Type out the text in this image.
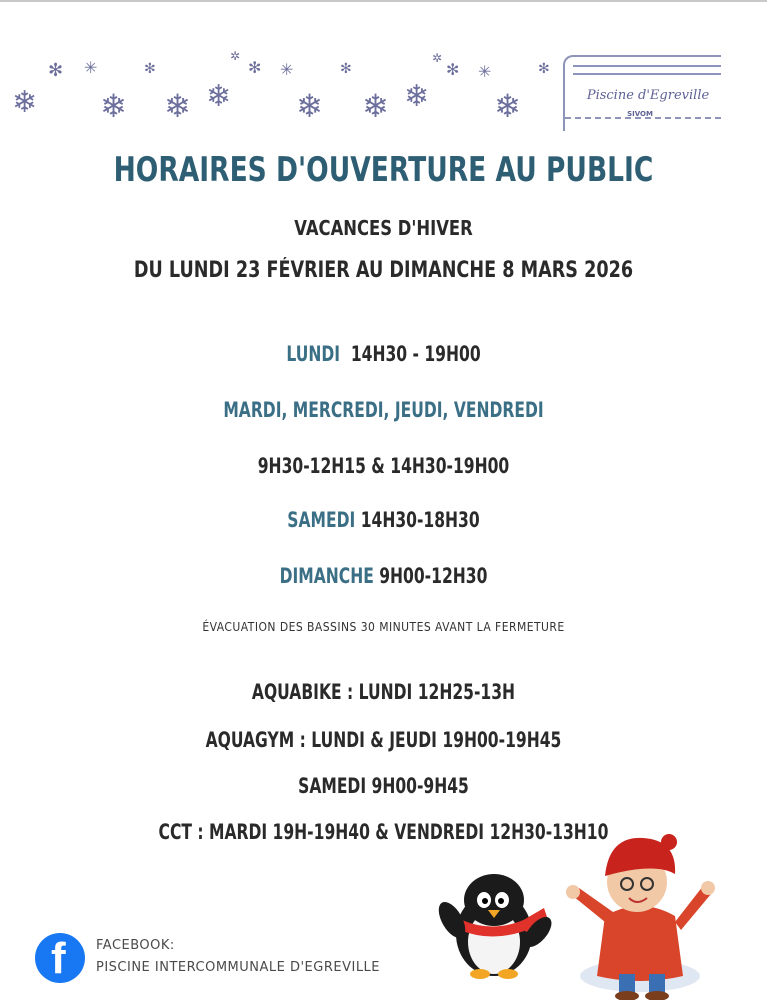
❄
✻ ✳
❄
✻
❄ ❄
✲
✻ ✳
❄
✻
❄ ❄
✲
✻ ✳
❄
✻
Piscine d'Egreville
SIVOM
HORAIRES D'OUVERTURE AU PUBLIC
VACANCES D'HIVER
DU LUNDI 23 FÉVRIER AU DIMANCHE 8 MARS 2026
LUNDI 14H30 - 19H00
MARDI, MERCREDI, JEUDI, VENDREDI
9H30-12H15 & 14H30-19H00
SAMEDI 14H30-18H30
DIMANCHE 9H00-12H30
ÉVACUATION DES BASSINS 30 MINUTES AVANT LA FERMETURE
AQUABIKE : LUNDI 12H25-13H
AQUAGYM : LUNDI & JEUDI 19H00-19H45
SAMEDI 9H00-9H45
CCT : MARDI 19H-19H40 & VENDREDI 12H30-13H10
f FACEBOOK:
PISCINE INTERCOMMUNALE D'EGREVILLE
